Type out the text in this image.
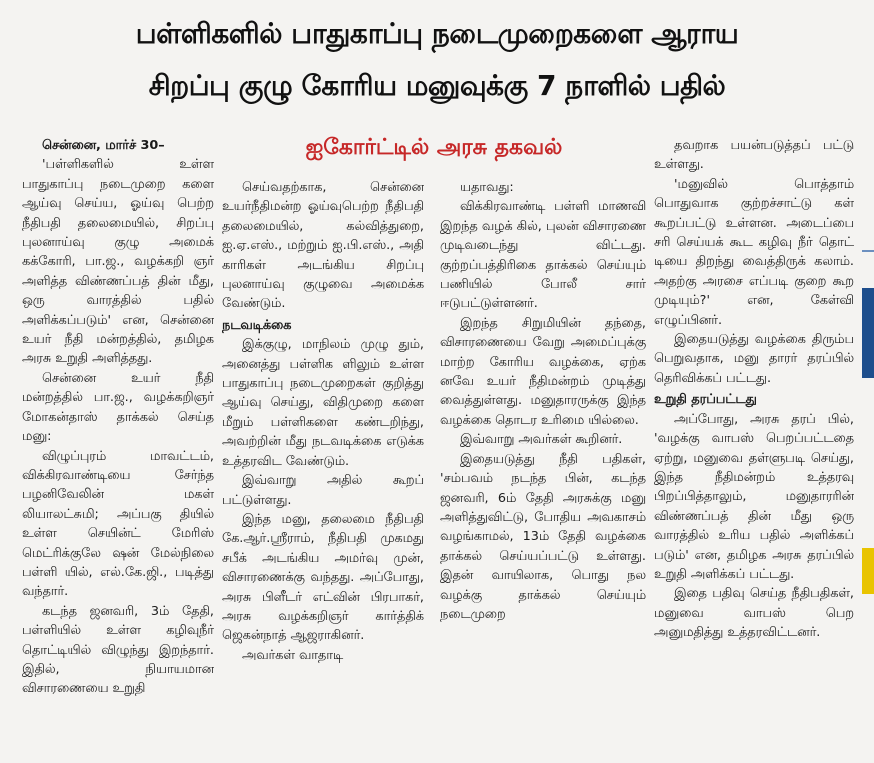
பள்ளிகளில் பாதுகாப்பு நடைமுறைகளை ஆராய
சிறப்பு குழு கோரிய மனுவுக்கு 7 நாளில் பதில்
ஐகோர்ட்டில் அரசு தகவல்

சென்னை, மார்ச் 30–

'பள்ளிகளில் உள்ள பாதுகாப்பு நடைமுறை களை ஆய்வு செய்ய, ஓய்வு பெற்ற நீதிபதி தலைமையில், சிறப்பு புலனாய்வு குழு அமைக் கக்கோரி, பா.ஜ., வழக்கறி ஞர் அளித்த விண்ணப்பத் தின் மீது, ஒரு வாரத்தில் பதில் அளிக்கப்படும்' என, சென்னை உயர் நீதி மன்றத்தில், தமிழக அரசு உறுதி அளித்தது.

சென்னை உயர் நீதி மன்றத்தில் பா.ஜ., வழக்கறிஞர் மோகன்தாஸ் தாக்கல் செய்த மனு:

விழுப்புரம் மாவட்டம், விக்கிரவாண்டியை சேர்ந்த பழனிவேலின் மகள் லியாலட்சுமி; அப்பகு தியில் உள்ள செயின்ட் மேரிஸ் மெட்ரிக்குலே ஷன் மேல்நிலை பள்ளி யில், எல்.கே.ஜி., படித்து வந்தார்.

கடந்த ஜனவரி, 3ம் தேதி, பள்ளியில் உள்ள கழிவுநீர் தொட்டியில் விழுந்து இறந்தார். இதில், நியாயமான விசாரணையை உறுதி

செய்வதற்காக, சென்னை உயர்நீதிமன்ற ஓய்வுபெற்ற நீதிபதி தலைமையில், கல்வித்துறை, ஐ.ஏ.எஸ்., மற்றும் ஐ.பி.எஸ்., அதி காரிகள் அடங்கிய சிறப்பு புலனாய்வு குழுவை அமைக்க வேண்டும்.

நடவடிக்கை

இக்குழு, மாநிலம் முழு தும், அனைத்து பள்ளிக ளிலும் உள்ள பாதுகாப்பு நடைமுறைகள் குறித்து ஆய்வு செய்து, விதிமுறை களை மீறும் பள்ளிகளை கண்டறிந்து, அவற்றின் மீது நடவடிக்கை எடுக்க உத்தரவிட வேண்டும்.

இவ்வாறு அதில் கூறப் பட்டுள்ளது.

இந்த மனு, தலைமை நீதிபதி கே.ஆர்.ஸ்ரீராம், நீதிபதி முகமது சபீக் அடங்கிய அமர்வு முன், விசாரணைக்கு வந்தது. அப்போது, அரசு பிளீடர் எட்வின் பிரபாகர், அரசு வழக்கறிஞர் கார்த்திக் ஜெகன்நாத் ஆஜராகினர்.

அவர்கள் வாதாடி

யதாவது:

விக்கிரவாண்டி பள்ளி மாணவி இறந்த வழக் கில், புலன் விசாரணை முடிவடைந்து விட்டது. குற்றப்பத்திரிகை தாக்கல் செய்யும் பணியில் போலீ சார் ஈடுபட்டுள்ளனர்.

இறந்த சிறுமியின் தந்தை, விசாரணையை வேறு அமைப்புக்கு மாற்ற கோரிய வழக்கை, ஏற்க னவே உயர் நீதிமன்றம் முடித்து வைத்துள்ளது. மனுதாரருக்கு இந்த வழக்கை தொடர உரிமை யில்லை.

இவ்வாறு அவர்கள் கூறினர்.

இதையடுத்து நீதி பதிகள், 'சம்பவம் நடந்த பின், கடந்த ஜனவரி, 6ம் தேதி அரசுக்கு மனு அளித்துவிட்டு, போதிய அவகாசம் வழங்காமல், 13ம் தேதி வழக்கை தாக்கல் செய்யப்பட்டு உள்ளது. இதன் வாயிலாக, பொது நல வழக்கு தாக்கல் செய்யும் நடைமுறை

தவறாக பயன்படுத்தப் பட்டு உள்ளது.

'மனுவில் பொத்தாம் பொதுவாக குற்றச்சாட்டு கள் கூறப்பட்டு உள்ளன. அடைப்பை சரி செய்யக் கூட கழிவு நீர் தொட் டியை திறந்து வைத்திருக் கலாம். அதற்கு அரசை எப்படி குறை கூற முடியும்?' என, கேள்வி எழுப்பினர்.

இதையடுத்து வழக்கை திரும்ப பெறுவதாக, மனு தாரர் தரப்பில் தெரிவிக்கப் பட்டது.

உறுதி தரப்பட்டது

அப்போது, அரசு தரப் பில், 'வழக்கு வாபஸ் பெறப்பட்டதை ஏற்று, மனுவை தள்ளுபடி செய்து, இந்த நீதிமன்றம் உத்தரவு பிறப்பித்தாலும், மனுதாரரின் விண்ணப்பத் தின் மீது ஒரு வாரத்தில் உரிய பதில் அளிக்கப் படும்' என, தமிழக அரசு தரப்பில் உறுதி அளிக்கப் பட்டது.

இதை பதிவு செய்த நீதிபதிகள், மனுவை வாபஸ் பெற அனுமதித்து உத்தரவிட்டனர்.
